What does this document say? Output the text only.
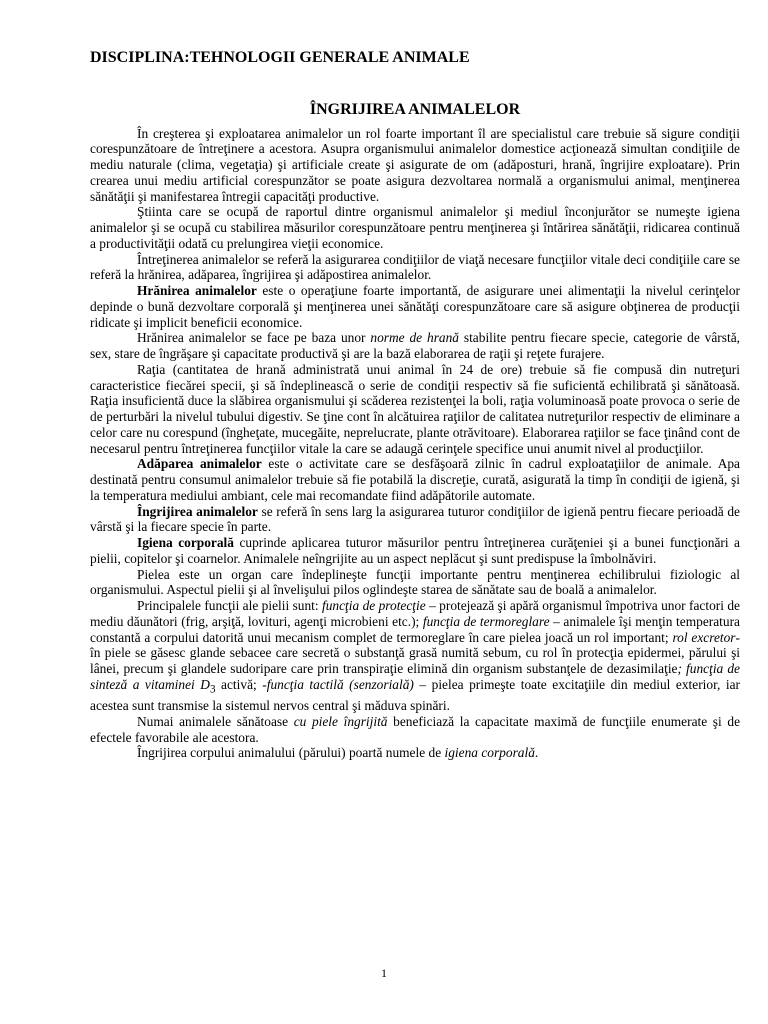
DISCIPLINA:TEHNOLOGII GENERALE ANIMALE
ÎNGRIJIREA ANIMALELOR

În creşterea şi exploatarea animalelor un rol foarte important îl are specialistul care trebuie să sigure condiţii corespunzătoare de întreţinere a acestora. Asupra organismului animalelor domestice acţionează simultan condiţiile de mediu naturale (clima, vegetaţia) şi artificiale create şi asigurate de om (adăposturi, hrană, îngrijire exploatare). Prin crearea unui mediu artificial corespunzător se poate asigura dezvoltarea normală a organismului animal, menţinerea sănătăţii şi manifestarea întregii capacităţi productive.

Ştiinta care se ocupă de raportul dintre organismul animalelor şi mediul înconjurător se numeşte igiena animalelor şi se ocupă cu stabilirea măsurilor corespunzătoare pentru menţinerea şi întărirea sănătăţii, ridicarea continuă a productivităţii odată cu prelungirea vieţii economice.

Întreţinerea animalelor se referă la asigurarea condiţiilor de viaţă necesare funcţiilor vitale deci condiţiile care se referă la hrănirea, adăparea, îngrijirea şi adăpostirea animalelor.

Hrănirea animalelor este o operaţiune foarte importantă, de asigurare unei alimentaţii la nivelul cerinţelor depinde o bună dezvoltare corporală şi menţinerea unei sănătăţi corespunzătoare care să asigure obţinerea de producţii ridicate şi implicit beneficii economice.

Hrănirea animalelor se face pe baza unor norme de hrană stabilite pentru fiecare specie, categorie de vârstă, sex, stare de îngrăşare şi capacitate productivă şi are la bază elaborarea de raţii şi reţete furajere.

Raţia (cantitatea de hrană administrată unui animal în 24 de ore) trebuie să fie compusă din nutreţuri caracteristice fiecărei specii, şi să îndeplinească o serie de condiţii respectiv să fie suficientă echilibrată şi sănătoasă. Raţia insuficientă duce la slăbirea organismului şi scăderea rezistenţei la boli, raţia voluminoasă poate provoca o serie de de perturbări la nivelul tubului digestiv. Se ţine cont în alcătuirea raţiilor de calitatea nutreţurilor respectiv de eliminare a celor care nu corespund (îngheţate, mucegăite, neprelucrate, plante otrăvitoare). Elaborarea raţiilor se face ţinând cont de necesarul pentru întreţinerea funcţiilor vitale la care se adaugă cerinţele specifice unui anumit nivel al producţiilor.

Adăparea animalelor este o activitate care se desfăşoară zilnic în cadrul exploataţiilor de animale. Apa destinată pentru consumul animalelor trebuie să fie potabilă la discreţie, curată, asigurată la timp în condiţii de igienă, şi la temperatura mediului ambiant, cele mai recomandate fiind adăpătorile automate.

Îngrijirea animalelor se referă în sens larg la asigurarea tuturor condiţiilor de igienă pentru fiecare perioadă de vârstă şi la fiecare specie în parte.

Igiena corporală cuprinde aplicarea tuturor măsurilor pentru întreţinerea curăţeniei şi a bunei funcţionări a pielii, copitelor şi coarnelor. Animalele neîngrijite au un aspect neplăcut şi sunt predispuse la îmbolnăviri.

Pielea este un organ care îndeplineşte funcţii importante pentru menţinerea echilibrului fiziologic al organismului. Aspectul pielii şi al învelişului pilos oglindeşte starea de sănătate sau de boală a animalelor.

Principalele funcţii ale pielii sunt: funcţia de protecţie – protejează şi apără organismul împotriva unor factori de mediu dăunători (frig, arşiţă, lovituri, agenţi microbieni etc.); funcţia de termoreglare – animalele îşi menţin temperatura constantă a corpului datorită unui mecanism complet de termoreglare în care pielea joacă un rol important; rol excretor- în piele se găsesc glande sebacee care secretă o substanţă grasă numită sebum, cu rol în protecţia epidermei, părului şi lânei, precum şi glandele sudoripare care prin transpiraţie elimină din organism substanţele de dezasimilaţie; funcţia de sinteză a vitaminei $D_3$ activă; -funcţia tactilă (senzorială) – pielea primeşte toate excitaţiile din mediul exterior, iar acestea sunt transmise la sistemul nervos central şi măduva spinări.

Numai animalele sănătoase cu piele îngrijită beneficiază la capacitate maximă de funcţiile enumerate şi de efectele favorabile ale acestora.

Îngrijirea corpului animalului (părului) poartă numele de igiena corporală.

1
